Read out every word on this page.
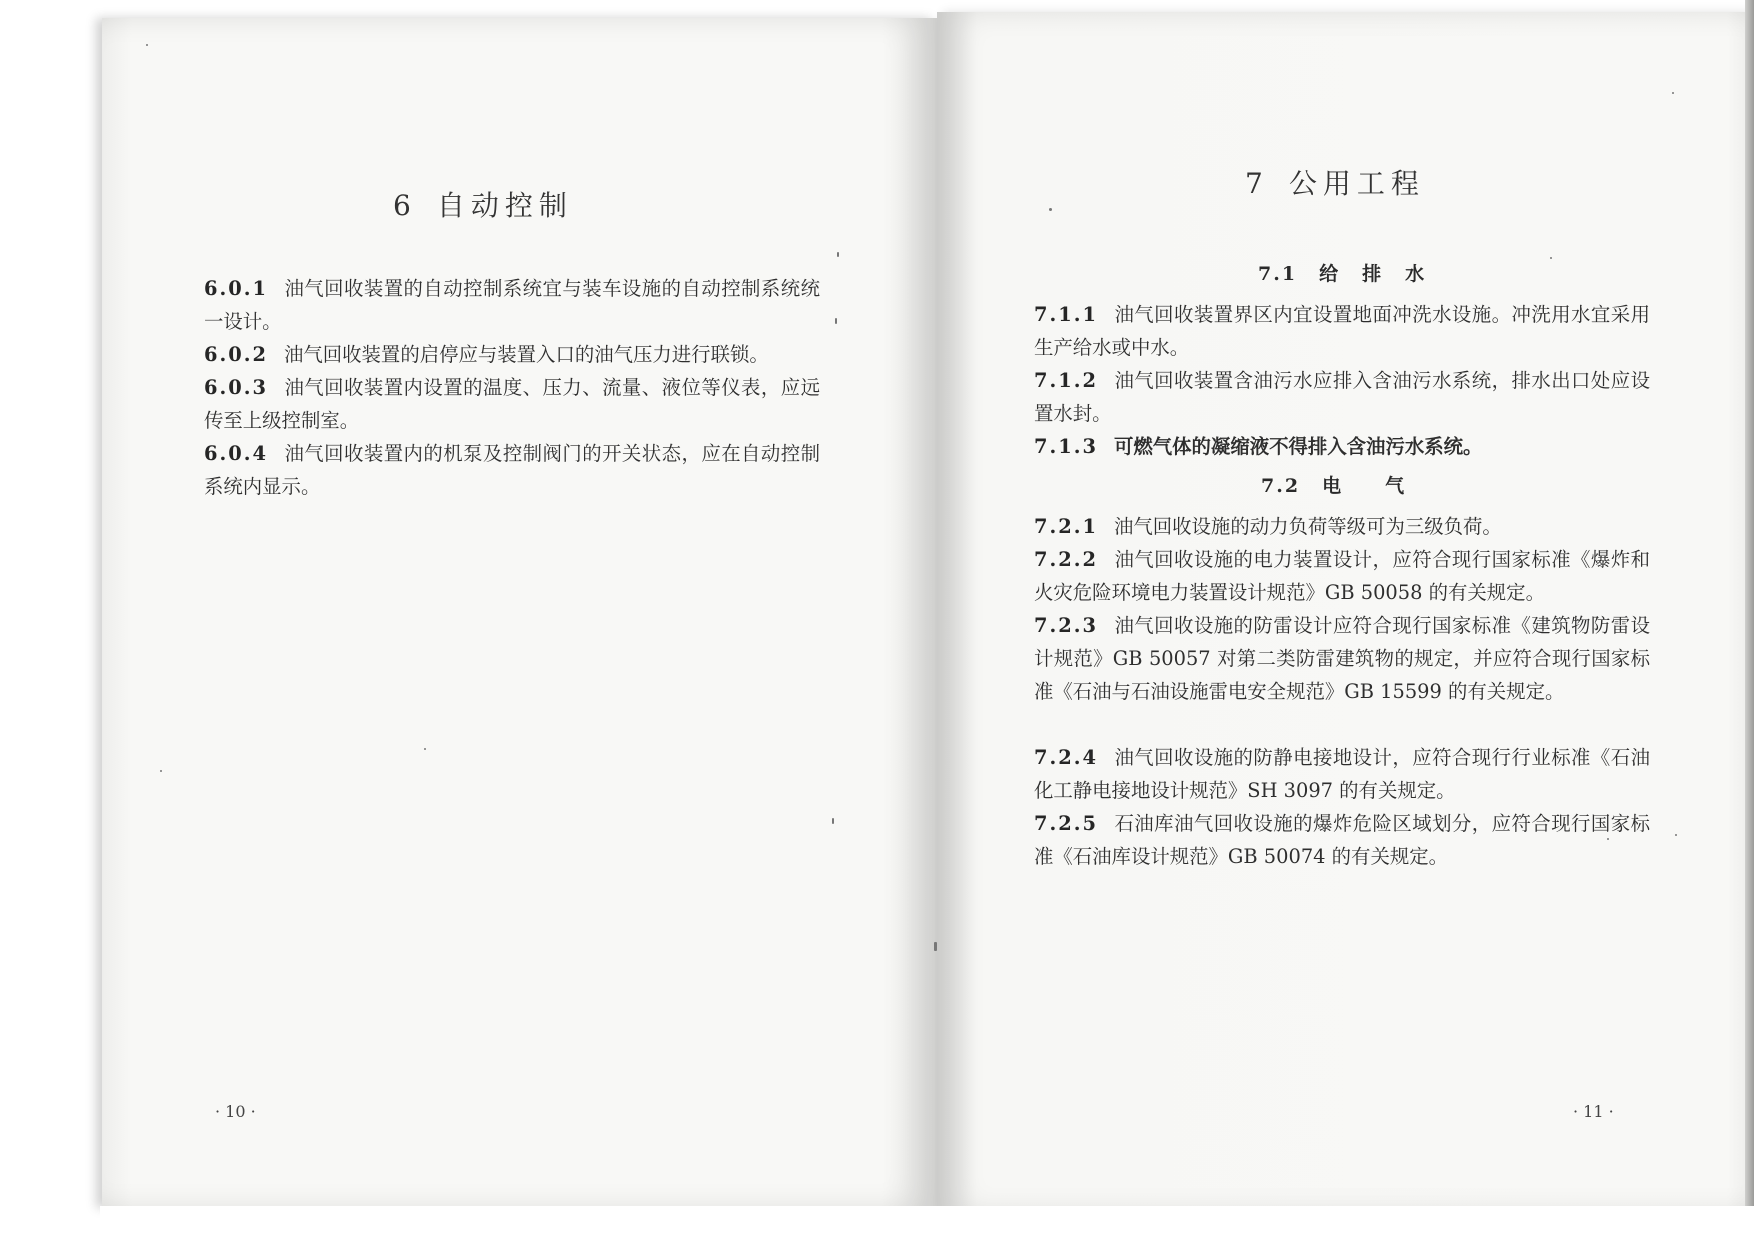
6 自动控制
6.0.1 油气回收装置的自动控制系统宜与装车设施的自动控制系统统一设计。
6.0.2 油气回收装置的启停应与装置入口的油气压力进行联锁。
6.0.3 油气回收装置内设置的温度、压力、流量、液位等仪表，应远传至上级控制室。
6.0.4 油气回收装置内的机泵及控制阀门的开关状态，应在自动控制系统内显示。
· 10 ·
7 公用工程
7.1 给排水
7.1.1 油气回收装置界区内宜设置地面冲洗水设施。冲洗用水宜采用生产给水或中水。
7.1.2 油气回收装置含油污水应排入含油污水系统，排水出口处应设置水封。
7.1.3 可燃气体的凝缩液不得排入含油污水系统。
7.2 电气
7.2.1 油气回收设施的动力负荷等级可为三级负荷。
7.2.2 油气回收设施的电力装置设计，应符合现行国家标准《爆炸和火灾危险环境电力装置设计规范》GB 50058 的有关规定。
7.2.3 油气回收设施的防雷设计应符合现行国家标准《建筑物防雷设计规范》GB 50057 对第二类防雷建筑物的规定，并应符合现行国家标准《石油与石油设施雷电安全规范》GB 15599 的有关规定。
7.2.4 油气回收设施的防静电接地设计，应符合现行行业标准《石油化工静电接地设计规范》SH 3097 的有关规定。
7.2.5 石油库油气回收设施的爆炸危险区域划分，应符合现行国家标准《石油库设计规范》GB 50074 的有关规定。
· 11 ·
